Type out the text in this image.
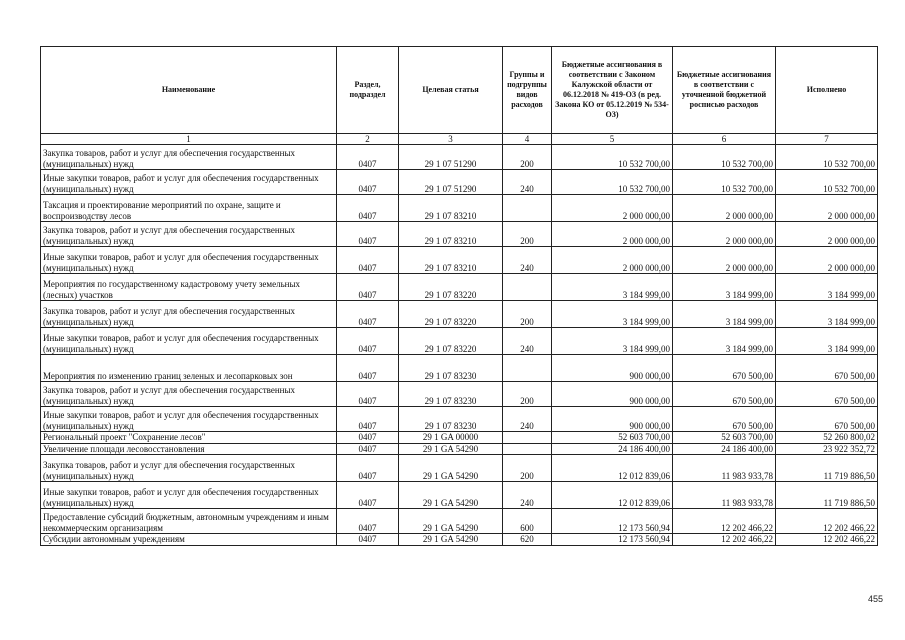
Наименование	Раздел, подраздел	Целевая статья	Группы и подгруппы видов расходов	Бюджетные ассигнования в соответствии с Законом Калужской области от 06.12.2018 № 419-ОЗ (в ред. Закона КО от 05.12.2019 № 534-ОЗ)	Бюджетные ассигнования в соответствии с уточненной бюджетной росписью расходов	Исполнено
1	2	3	4	5	6	7
Закупка товаров, работ и услуг для обеспечения государственных (муниципальных) нужд	0407	29 1 07 51290	200	10 532 700,00	10 532 700,00	10 532 700,00
Иные закупки товаров, работ и услуг для обеспечения государственных (муниципальных) нужд	0407	29 1 07 51290	240	10 532 700,00	10 532 700,00	10 532 700,00
Таксация и проектирование мероприятий по охране, защите и воспроизводству лесов	0407	29 1 07 83210		2 000 000,00	2 000 000,00	2 000 000,00
Закупка товаров, работ и услуг для обеспечения государственных (муниципальных) нужд	0407	29 1 07 83210	200	2 000 000,00	2 000 000,00	2 000 000,00
Иные закупки товаров, работ и услуг для обеспечения государственных (муниципальных) нужд	0407	29 1 07 83210	240	2 000 000,00	2 000 000,00	2 000 000,00
Мероприятия по государственному кадастровому учету земельных (лесных) участков	0407	29 1 07 83220		3 184 999,00	3 184 999,00	3 184 999,00
Закупка товаров, работ и услуг для обеспечения государственных (муниципальных) нужд	0407	29 1 07 83220	200	3 184 999,00	3 184 999,00	3 184 999,00
Иные закупки товаров, работ и услуг для обеспечения государственных (муниципальных) нужд	0407	29 1 07 83220	240	3 184 999,00	3 184 999,00	3 184 999,00
Мероприятия по изменению границ зеленых и лесопарковых зон	0407	29 1 07 83230		900 000,00	670 500,00	670 500,00
Закупка товаров, работ и услуг для обеспечения государственных (муниципальных) нужд	0407	29 1 07 83230	200	900 000,00	670 500,00	670 500,00
Иные закупки товаров, работ и услуг для обеспечения государственных (муниципальных) нужд	0407	29 1 07 83230	240	900 000,00	670 500,00	670 500,00
Региональный проект "Сохранение лесов"	0407	29 1 GA 00000		52 603 700,00	52 603 700,00	52 260 800,02
Увеличение площади лесовосстановления	0407	29 1 GA 54290		24 186 400,00	24 186 400,00	23 922 352,72
Закупка товаров, работ и услуг для обеспечения государственных (муниципальных) нужд	0407	29 1 GA 54290	200	12 012 839,06	11 983 933,78	11 719 886,50
Иные закупки товаров, работ и услуг для обеспечения государственных (муниципальных) нужд	0407	29 1 GA 54290	240	12 012 839,06	11 983 933,78	11 719 886,50
Предоставление субсидий бюджетным, автономным учреждениям и иным некоммерческим организациям	0407	29 1 GA 54290	600	12 173 560,94	12 202 466,22	12 202 466,22
Субсидии автономным учреждениям	0407	29 1 GA 54290	620	12 173 560,94	12 202 466,22	12 202 466,22
455
